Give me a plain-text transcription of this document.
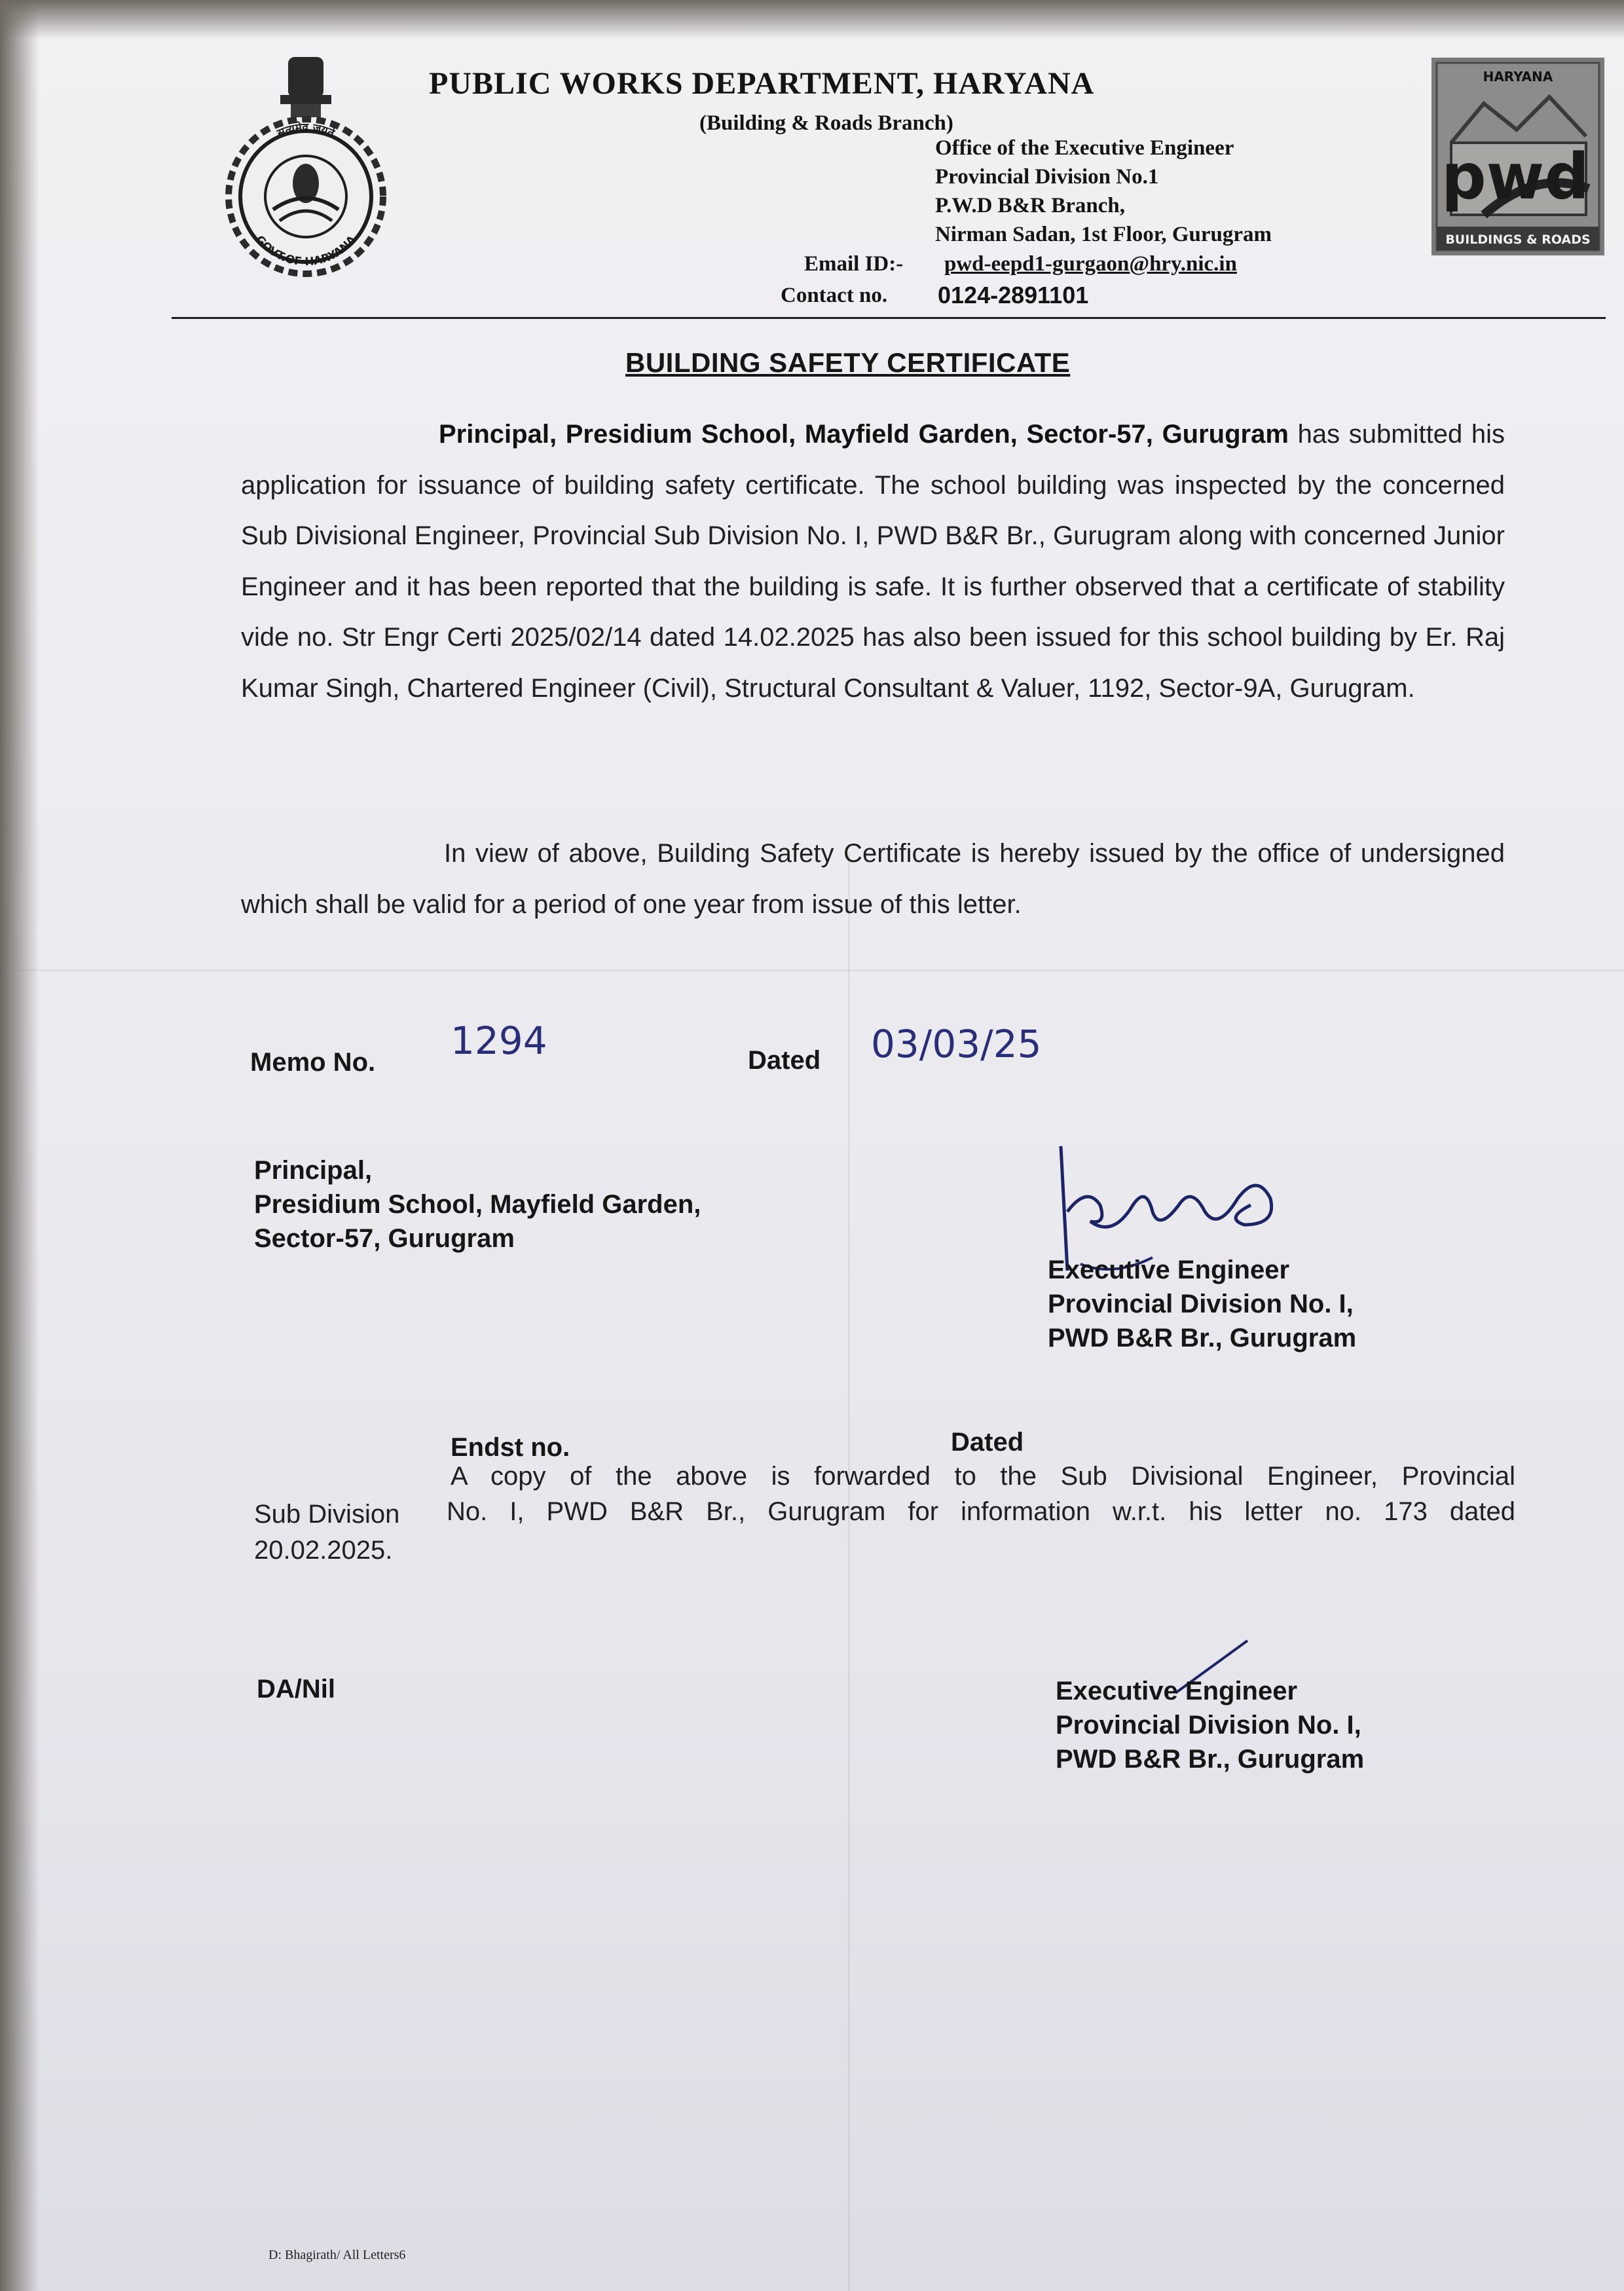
सत्यमेव जयते
GOVT.OF HARYANA
PUBLIC WORKS DEPARTMENT, HARYANA
(Building & Roads Branch)
Office of the Executive Engineer
Provincial Division No.1
P.W.D B&R Branch,
Nirman Sadan, 1st Floor, Gurugram
Email ID:- pwd-eepd1-gurgaon@hry.nic.in
Contact no. 0124-2891101
HARYANA
pwd
BUILDINGS & ROADS
BUILDING SAFETY CERTIFICATE
Principal, Presidium School, Mayfield Garden, Sector-57, Gurugram has submitted his application for issuance of building safety certificate. The school building was inspected by the concerned Sub Divisional Engineer, Provincial Sub Division No. I, PWD B&R Br., Gurugram along with concerned Junior Engineer and it has been reported that the building is safe. It is further observed that a certificate of stability vide no. Str Engr Certi 2025/02/14 dated 14.02.2025 has also been issued for this school building by Er. Raj Kumar Singh, Chartered Engineer (Civil), Structural Consultant & Valuer, 1192, Sector-9A, Gurugram.
In view of above, Building Safety Certificate is hereby issued by the office of undersigned which shall be valid for a period of one year from issue of this letter.
Memo No. 1294	Dated 03/03/25
Principal,
Presidium School, Mayfield Garden,
Sector-57, Gurugram
Executive Engineer
Provincial Division No. I,
PWD B&R Br., Gurugram
Endst no.	Dated
A copy of the above is forwarded to the Sub Divisional Engineer, Provincial
Sub Division No. I, PWD B&R Br., Gurugram for information w.r.t. his letter no. 173 dated
20.02.2025.
DA/Nil	Executive Engineer
Provincial Division No. I,
PWD B&R Br., Gurugram
D: Bhagirath/ All Letters6
